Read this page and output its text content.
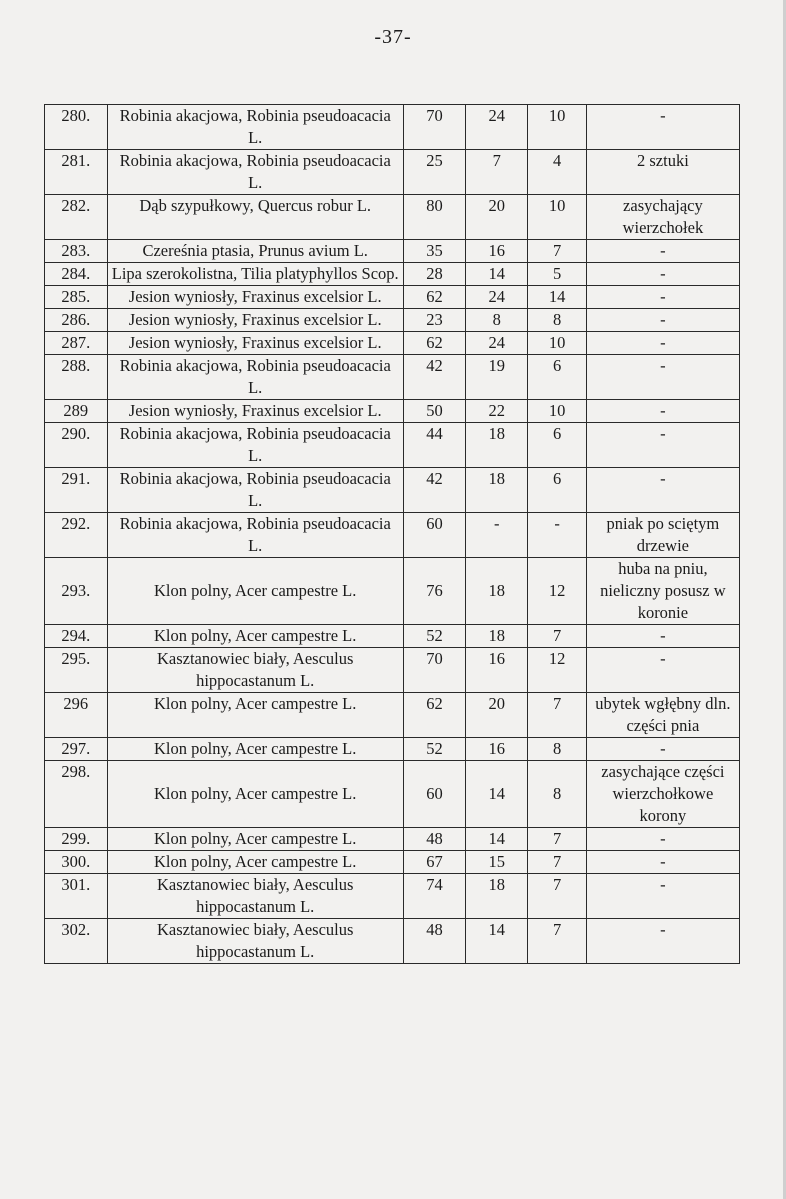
-37-
280.	Robinia akacjowa, Robinia pseudoacacia L.	70	24	10	-
281.	Robinia akacjowa, Robinia pseudoacacia L.	25	7	4	2 sztuki
282.	Dąb szypułkowy, Quercus robur L.	80	20	10	zasychający wierzchołek
283.	Czereśnia ptasia, Prunus avium L.	35	16	7	-
284.	Lipa szerokolistna, Tilia platyphyllos Scop.	28	14	5	-
285.	Jesion wyniosły, Fraxinus excelsior L.	62	24	14	-
286.	Jesion wyniosły, Fraxinus excelsior L.	23	8	8	-
287.	Jesion wyniosły, Fraxinus excelsior L.	62	24	10	-
288.	Robinia akacjowa, Robinia pseudoacacia L.	42	19	6	-
289	Jesion wyniosły, Fraxinus excelsior L.	50	22	10	-
290.	Robinia akacjowa, Robinia pseudoacacia L.	44	18	6	-
291.	Robinia akacjowa, Robinia pseudoacacia L.	42	18	6	-
292.	Robinia akacjowa, Robinia pseudoacacia L.	60	-	-	pniak po sciętym drzewie
293.	Klon polny, Acer campestre L.	76	18	12	huba na pniu, nieliczny posusz w koronie
294.	Klon polny, Acer campestre L.	52	18	7	-
295.	Kasztanowiec biały, Aesculus hippocastanum L.	70	16	12	-
296	Klon polny, Acer campestre L.	62	20	7	ubytek wgłębny dln. części pnia
297.	Klon polny, Acer campestre L.	52	16	8	-
298.	Klon polny, Acer campestre L.	60	14	8	zasychające części wierzchołkowe korony
299.	Klon polny, Acer campestre L.	48	14	7	-
300.	Klon polny, Acer campestre L.	67	15	7	-
301.	Kasztanowiec biały, Aesculus hippocastanum L.	74	18	7	-
302.	Kasztanowiec biały, Aesculus hippocastanum L.	48	14	7	-
